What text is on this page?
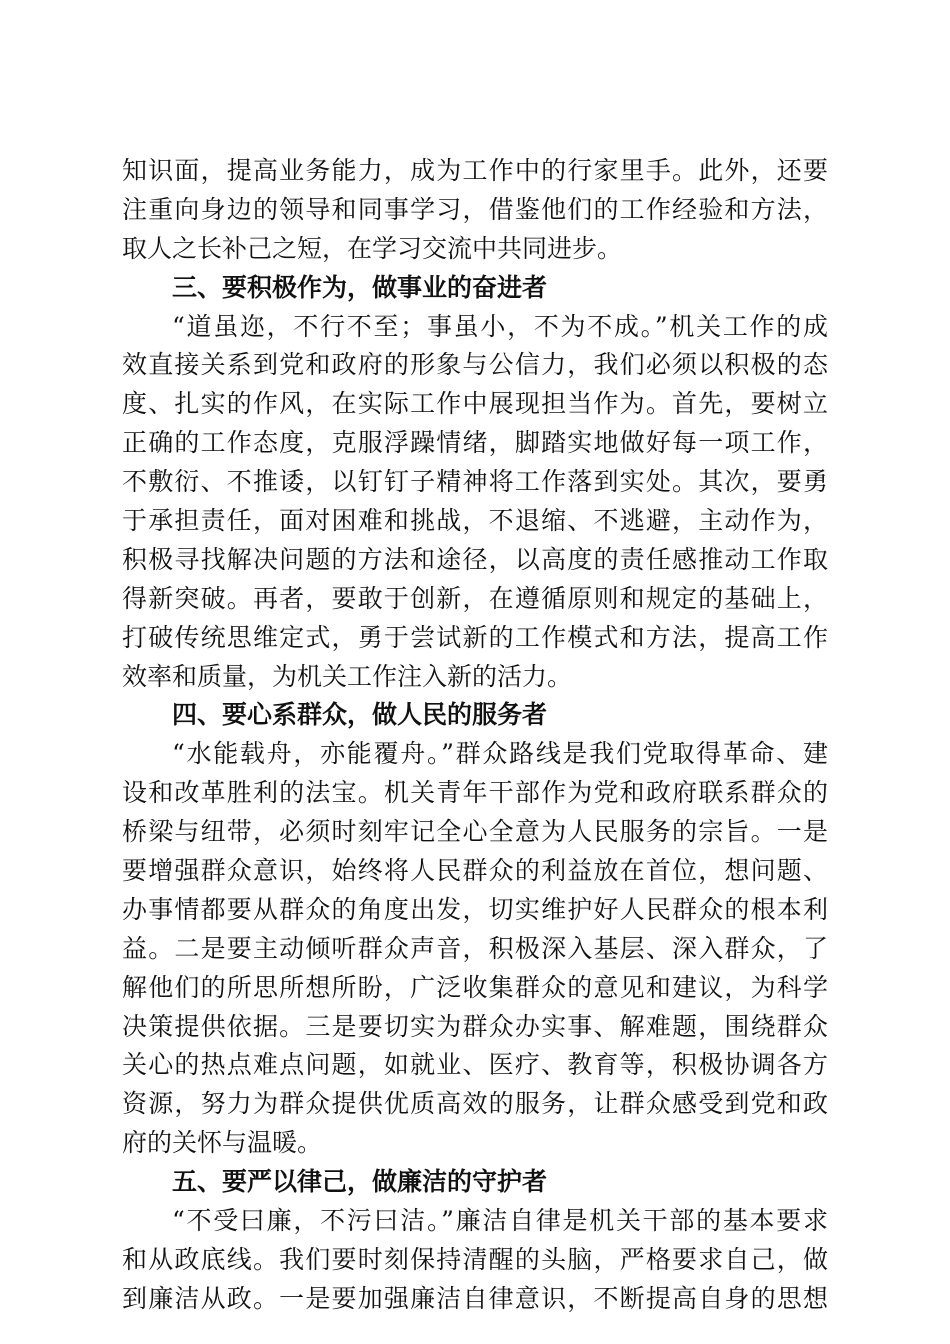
知识面，提高业务能力，成为工作中的行家里手。此外，还要
注重向身边的领导和同事学习，借鉴他们的工作经验和方法，
取人之长补己之短，在学习交流中共同进步。
三、要积极作为，做事业的奋进者
“道虽迩，不行不至；事虽小，不为不成。”机关工作的成
效直接关系到党和政府的形象与公信力，我们必须以积极的态
度、扎实的作风，在实际工作中展现担当作为。首先，要树立
正确的工作态度，克服浮躁情绪，脚踏实地做好每一项工作，
不敷衍、不推诿，以钉钉子精神将工作落到实处。其次，要勇
于承担责任，面对困难和挑战，不退缩、不逃避，主动作为，
积极寻找解决问题的方法和途径，以高度的责任感推动工作取
得新突破。再者，要敢于创新，在遵循原则和规定的基础上，
打破传统思维定式，勇于尝试新的工作模式和方法，提高工作
效率和质量，为机关工作注入新的活力。
四、要心系群众，做人民的服务者
“水能载舟，亦能覆舟。”群众路线是我们党取得革命、建
设和改革胜利的法宝。机关青年干部作为党和政府联系群众的
桥梁与纽带，必须时刻牢记全心全意为人民服务的宗旨。一是
要增强群众意识，始终将人民群众的利益放在首位，想问题、
办事情都要从群众的角度出发，切实维护好人民群众的根本利
益。二是要主动倾听群众声音，积极深入基层、深入群众，了
解他们的所思所想所盼，广泛收集群众的意见和建议，为科学
决策提供依据。三是要切实为群众办实事、解难题，围绕群众
关心的热点难点问题，如就业、医疗、教育等，积极协调各方
资源，努力为群众提供优质高效的服务，让群众感受到党和政
府的关怀与温暖。
五、要严以律己，做廉洁的守护者
“不受曰廉，不污曰洁。”廉洁自律是机关干部的基本要求
和从政底线。我们要时刻保持清醒的头脑，严格要求自己，做
到廉洁从政。一是要加强廉洁自律意识，不断提高自身的思想
